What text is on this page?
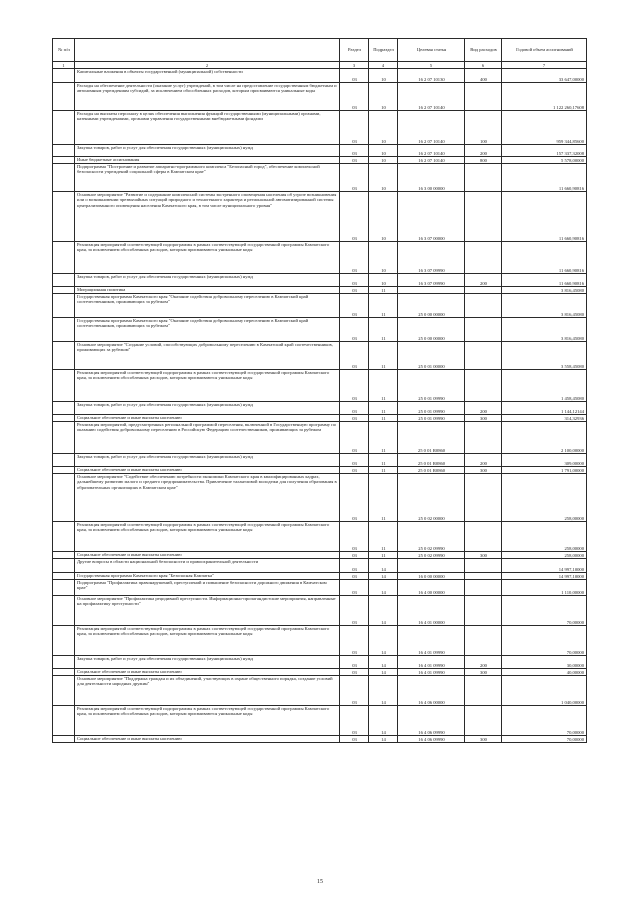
№ п/п		Раздел	Подраздел	Целевая статья	Вид расходов	Годовой объем ассигнований
1	2	3	4	5	6	7
	Капитальные вложения в объекты государственной (муниципальной) собственности	03	10	16 2 07 10130	400	33 647,00000
	Расходы на обеспечение деятельности (оказание услуг) учреждений, в том числе на предоставление государственным бюджетным и автономным учреждениям субсидий, за исключением обособленных расходов, которым присваиваются уникальные коды	03	10	16 2 07 10140		1 122 260,17608
	Расходы на выплаты персоналу в целях обеспечения выполнения функций государственными (муниципальными) органами, казенными учреждениями, органами управления государственными внебюджетными фондами	03	10	16 2 07 10140	100	959 344,85600
	Закупка товаров, работ и услуг для обеспечения государственных (муниципальных) нужд	03	10	16 2 07 10140	200	157 337,32008
	Иные бюджетные ассигнования	03	10	16 2 07 10140	800	5 578,00000
	Подпрограмма "Построение и развитие аппаратно-программного комплекса "Безопасный город", обеспечение комплексной безопасности учреждений социальной сферы в Камчатском крае"	03	10	16 3 00 00000		11 660,90816
	Основное мероприятие "Развитие и содержание комплексной системы экстренного оповещения населения об угрозе возникновения или о возникновении чрезвычайных ситуаций природного и техногенного характера и региональной автоматизированной системы централизованного оповещения населения Камчатского края, в том числе муниципального уровня"	03	10	16 3 07 00000		11 660,90816
	Реализация мероприятий соответствующей подпрограммы в рамках соответствующей государственной программы Камчатского края, за исключением обособленных расходов, которым присваиваются уникальные коды	03	10	16 3 07 09990		11 660,90816
	Закупка товаров, работ и услуг для обеспечения государственных (муниципальных) нужд	03	10	16 3 07 09990	200	11 660,90816
	Миграционная политика	03	11			3 816,45080
	Государственная программа Камчатского края "Оказание содействия добровольному переселению в Камчатский край соотечественников, проживающих за рубежом"	03	11	25 0 00 00000		3 816,45080
	Государственная программа Камчатского края "Оказание содействия добровольному переселению в Камчатский край соотечественников, проживающих за рубежом"	03	11	25 0 00 00000		3 816,45080
	Основное мероприятие "Создание условий, способствующих добровольному переселению в Камчатский край соотечественников, проживающих за рубежом"	03	11	25 0 01 00000		3 558,45080
	Реализация мероприятий соответствующей подпрограммы в рамках соответствующей государственной программы Камчатского края, за исключением обособленных расходов, которым присваиваются уникальные коды	03	11	25 0 01 09990		1 458,45080
	Закупка товаров, работ и услуг для обеспечения государственных (муниципальных) нужд	03	11	25 0 01 09990	200	1 144,12144
	Социальное обеспечение и иные выплаты населению	03	11	25 0 01 09990	300	314,32936
	Реализация мероприятий, предусмотренных региональной программой переселения, включенной в Государственную программу по оказанию содействия добровольному переселению в Российскую Федерацию соотечественников, проживающих за рубежом	03	11	25 0 01 R0860		2 100,00000
	Закупка товаров, работ и услуг для обеспечения государственных (муниципальных) нужд	03	11	25 0 01 R0860	200	309,00000
	Социальное обеспечение и иные выплаты населению	03	11	25 0 01 R0860	300	1 791,00000
	Основное мероприятие "Содействие обеспечению потребности экономики Камчатского края в квалифицированных кадрах, дальнейшему развитию малого и среднего предпринимательства. Привлечение талантливой молодежи для получения образования в образовательных организациях в Камчатском крае"	03	11	25 0 02 00000		258,00000
	Реализация мероприятий соответствующей подпрограммы в рамках соответствующей государственной программы Камчатского края, за исключением обособленных расходов, которым присваиваются уникальные коды	03	11	25 0 02 09990		258,00000
	Социальное обеспечение и иные выплаты населению	03	11	25 0 02 09990	300	258,00000
	Другие вопросы в области национальной безопасности и правоохранительной деятельности	03	14			14 997,10000
	Государственная программа Камчатского края "Безопасная Камчатка"	03	14	16 0 00 00000		14 997,10000
	Подпрограмма "Профилактика правонарушений, преступлений и повышение безопасности дорожного движения в Камчатском крае"	03	14	16 4 00 00000		1 110,00000
	Основное мероприятие "Профилактика рецидивной преступности. Информационно-пропагандистские мероприятия, направленные на профилактику преступности"	03	14	16 4 01 00000		70,00000
	Реализация мероприятий соответствующей подпрограммы в рамках соответствующей государственной программы Камчатского края, за исключением обособленных расходов, которым присваиваются уникальные коды	03	14	16 4 01 09990		70,00000
	Закупка товаров, работ и услуг для обеспечения государственных (муниципальных) нужд	03	14	16 4 01 09990	200	30,00000
	Социальное обеспечение и иные выплаты населению	03	14	16 4 01 09990	300	40,00000
	Основное мероприятие "Поддержка граждан и их объединений, участвующих в охране общественного порядка, создание условий для деятельности народных дружин"	03	14	16 4 06 00000		1 040,00000
	Реализация мероприятий соответствующей подпрограммы в рамках соответствующей государственной программы Камчатского края, за исключением обособленных расходов, которым присваиваются уникальные коды	03	14	16 4 06 09990		70,00000
	Социальное обеспечение и иные выплаты населению	03	14	16 4 06 09990	300	70,00000
15
